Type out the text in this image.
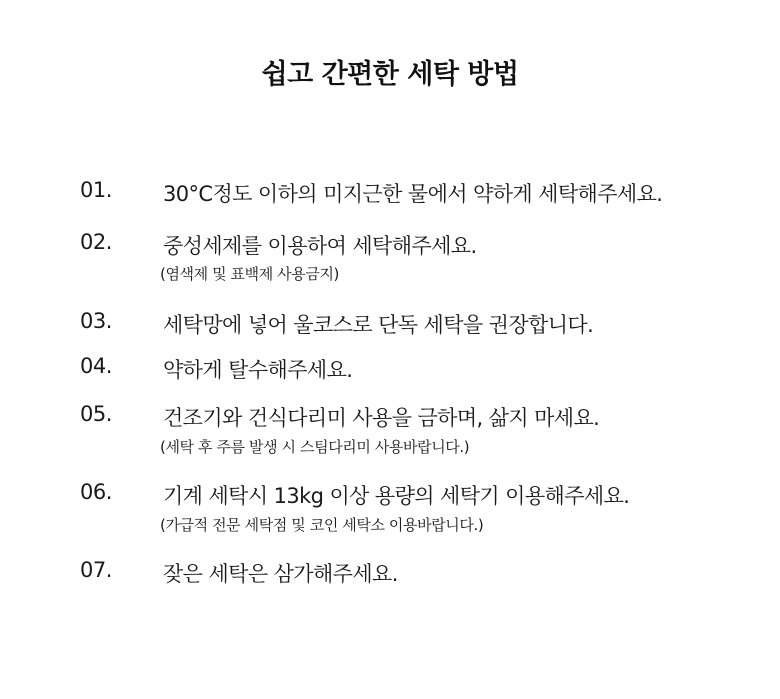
쉽고 간편한 세탁 방법
01. 30°C정도 이하의 미지근한 물에서 약하게 세탁해주세요.
02. 중성세제를 이용하여 세탁해주세요.
(염색제 및 표백제 사용금지)
03. 세탁망에 넣어 울코스로 단독 세탁을 권장합니다.
04. 약하게 탈수해주세요.
05. 건조기와 건식다리미 사용을 금하며, 삶지 마세요.
(세탁 후 주름 발생 시 스팀다리미 사용바랍니다.)
06. 기계 세탁시 13kg 이상 용량의 세탁기 이용해주세요.
(가급적 전문 세탁점 및 코인 세탁소 이용바랍니다.)
07. 잦은 세탁은 삼가해주세요.
